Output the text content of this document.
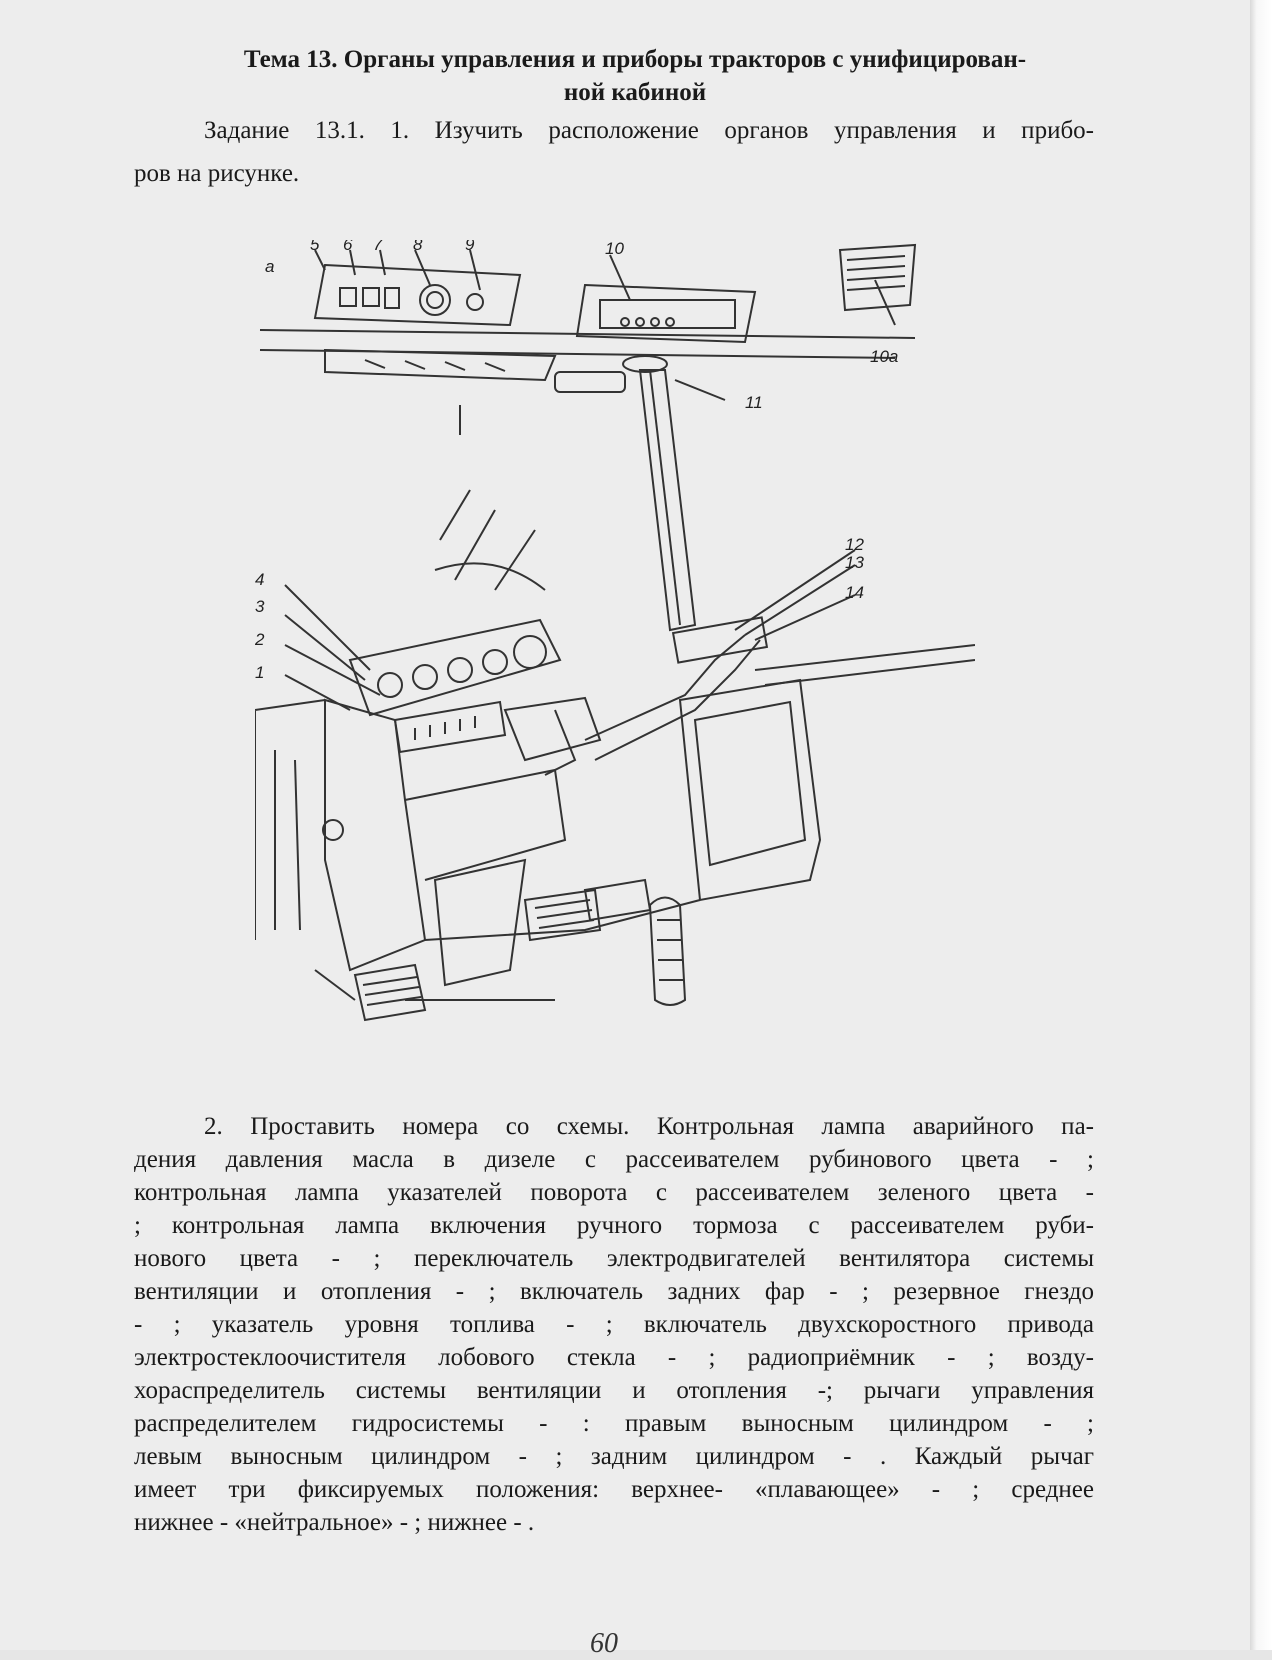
Тема 13. Органы управления и приборы тракторов с унифицирован-
ной кабиной
Задание 13.1. 1. Изучить расположение органов управления и прибо-
ров на рисунке.
а
5 6 7 8	9	10
10а
11
12
13
14
4
3
2
1
2. Проставить номера со схемы. Контрольная лампа аварийного па-
дения давления масла в дизеле с рассеивателем рубинового цвета - ;
контрольная лампа указателей поворота с рассеивателем зеленого цвета -
; контрольная лампа включения ручного тормоза с рассеивателем руби-
нового цвета - ; переключатель электродвигателей вентилятора системы
вентиляции и отопления - ; включатель задних фар - ; резервное гнездо
- ; указатель уровня топлива - ; включатель двухскоростного привода
электростеклоочистителя лобового стекла - ; радиоприёмник - ; возду-
хораспределитель системы вентиляции и отопления -; рычаги управления
распределителем гидросистемы - : правым выносным цилиндром - ;
левым выносным цилиндром - ; задним цилиндром - . Каждый рычаг
имеет три фиксируемых положения: верхнее- «плавающее» - ; среднее
нижнее - «нейтральное» - ; нижнее - .
60
